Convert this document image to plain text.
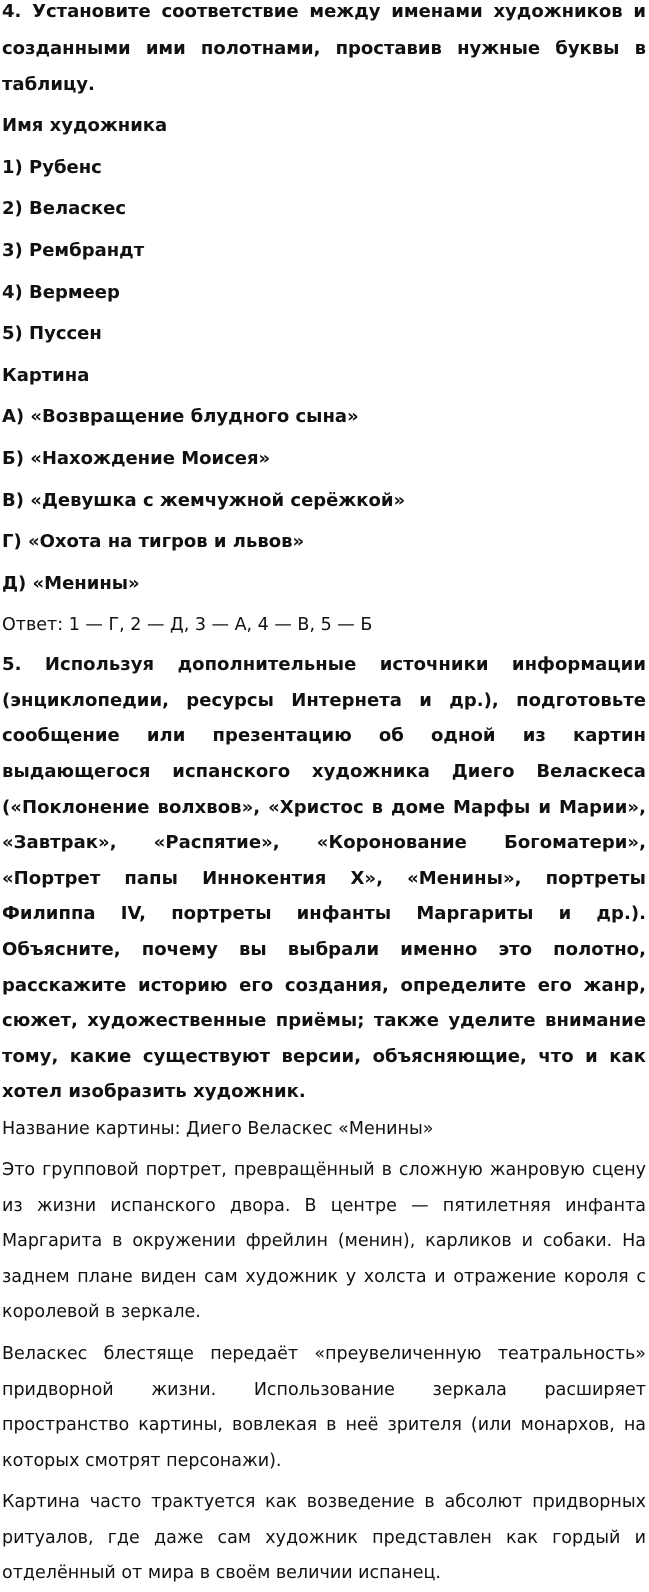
4. Установите соответствие между именами художников и созданными ими полотнами, проставив нужные буквы в таблицу.

Имя художника
1) Рубенс
2) Веласкес
3) Рембрандт
4) Вермеер
5) Пуссен
Картина
А) «Возвращение блудного сына»
Б) «Нахождение Моисея»
В) «Девушка с жемчужной серёжкой»
Г) «Охота на тигров и львов»
Д) «Менины»
Ответ: 1 — Г, 2 — Д, 3 — А, 4 — В, 5 — Б

5. Используя дополнительные источники информации (энциклопедии, ресурсы Интернета и др.), подготовьте сообщение или презентацию об одной из картин выдающегося испанского художника Диего Веласкеса («Поклонение волхвов», «Христос в доме Марфы и Марии», «Завтрак», «Распятие», «Коронование Богоматери», «Портрет папы Иннокентия X», «Менины», портреты Филиппа IV, портреты инфанты Маргариты и др.). Объясните, почему вы выбрали именно это полотно, расскажите историю его создания, определите его жанр, сюжет, художественные приёмы; также уделите внимание тому, какие существуют версии, объясняющие, что и как хотел изобразить художник.

Название картины: Диего Веласкес «Менины»

Это групповой портрет, превращённый в сложную жанровую сцену из жизни испанского двора. В центре — пятилетняя инфанта Маргарита в окружении фрейлин (менин), карликов и собаки. На заднем плане виден сам художник у холста и отражение короля с королевой в зеркале.

Веласкес блестяще передаёт «преувеличенную театральность» придворной жизни. Использование зеркала расширяет пространство картины, вовлекая в неё зрителя (или монархов, на которых смотрят персонажи).

Картина часто трактуется как возведение в абсолют придворных ритуалов, где даже сам художник представлен как гордый и отделённый от мира в своём величии испанец.
